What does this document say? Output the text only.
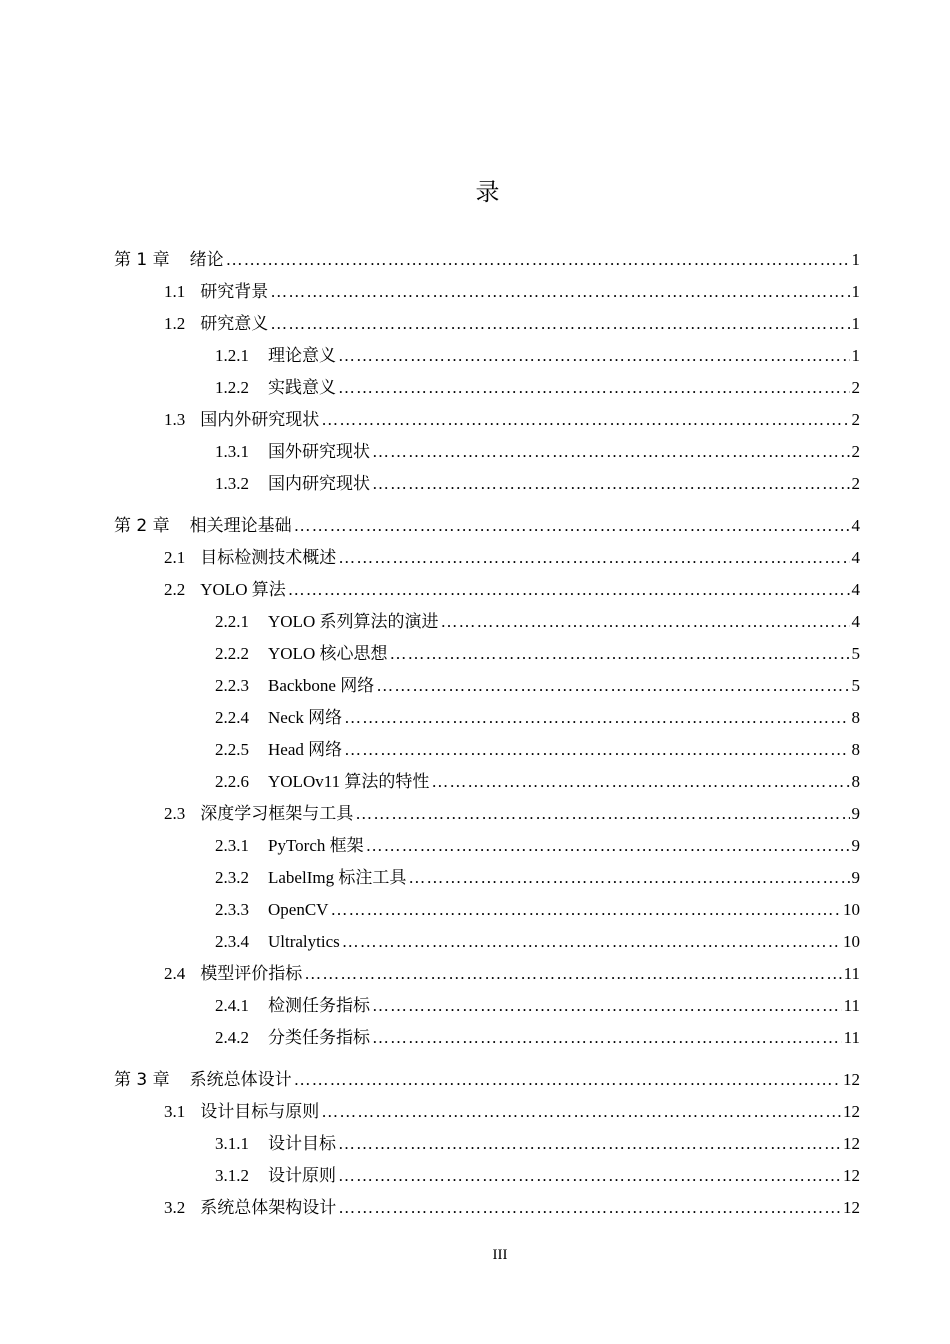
录
第 1 章 绪论 ……………………………………………………………………………………………………………………………………………………………………………………………………………………	1
1.1 研究背景 ……………………………………………………………………………………………………………………………………………………………………………………………………………………	1
1.2 研究意义 ……………………………………………………………………………………………………………………………………………………………………………………………………………………	1
1.2.1 理论意义 ……………………………………………………………………………………………………………………………………………………………………………………………………………………	1
1.2.2 实践意义 ……………………………………………………………………………………………………………………………………………………………………………………………………………………	2
1.3 国内外研究现状 ……………………………………………………………………………………………………………………………………………………………………………………………………………………	2
1.3.1 国外研究现状 ……………………………………………………………………………………………………………………………………………………………………………………………………………………	2
1.3.2 国内研究现状 ……………………………………………………………………………………………………………………………………………………………………………………………………………………	2
第 2 章 相关理论基础 ……………………………………………………………………………………………………………………………………………………………………………………………………………………	4
2.1 目标检测技术概述 ……………………………………………………………………………………………………………………………………………………………………………………………………………………	4
2.2 YOLO 算法 ……………………………………………………………………………………………………………………………………………………………………………………………………………………	4
2.2.1 YOLO 系列算法的演进 ……………………………………………………………………………………………………………………………………………………………………………………………………………………	4
2.2.2 YOLO 核心思想 ……………………………………………………………………………………………………………………………………………………………………………………………………………………	5
2.2.3 Backbone 网络 ……………………………………………………………………………………………………………………………………………………………………………………………………………………	5
2.2.4 Neck 网络 ……………………………………………………………………………………………………………………………………………………………………………………………………………………	8
2.2.5 Head 网络 ……………………………………………………………………………………………………………………………………………………………………………………………………………………	8
2.2.6 YOLOv11 算法的特性 ……………………………………………………………………………………………………………………………………………………………………………………………………………………	8
2.3 深度学习框架与工具 ……………………………………………………………………………………………………………………………………………………………………………………………………………………	9
2.3.1 PyTorch 框架 ……………………………………………………………………………………………………………………………………………………………………………………………………………………	9
2.3.2 LabelImg 标注工具 ……………………………………………………………………………………………………………………………………………………………………………………………………………………	9
2.3.3 OpenCV ……………………………………………………………………………………………………………………………………………………………………………………………………………………	10
2.3.4 Ultralytics ……………………………………………………………………………………………………………………………………………………………………………………………………………………	10
2.4 模型评价指标 ……………………………………………………………………………………………………………………………………………………………………………………………………………………	11
2.4.1 检测任务指标 ……………………………………………………………………………………………………………………………………………………………………………………………………………………	11
2.4.2 分类任务指标 ……………………………………………………………………………………………………………………………………………………………………………………………………………………	11
第 3 章 系统总体设计 ……………………………………………………………………………………………………………………………………………………………………………………………………………………	12
3.1 设计目标与原则 ……………………………………………………………………………………………………………………………………………………………………………………………………………………	12
3.1.1 设计目标 ……………………………………………………………………………………………………………………………………………………………………………………………………………………	12
3.1.2 设计原则 ……………………………………………………………………………………………………………………………………………………………………………………………………………………	12
3.2 系统总体架构设计 ……………………………………………………………………………………………………………………………………………………………………………………………………………………	12
III
